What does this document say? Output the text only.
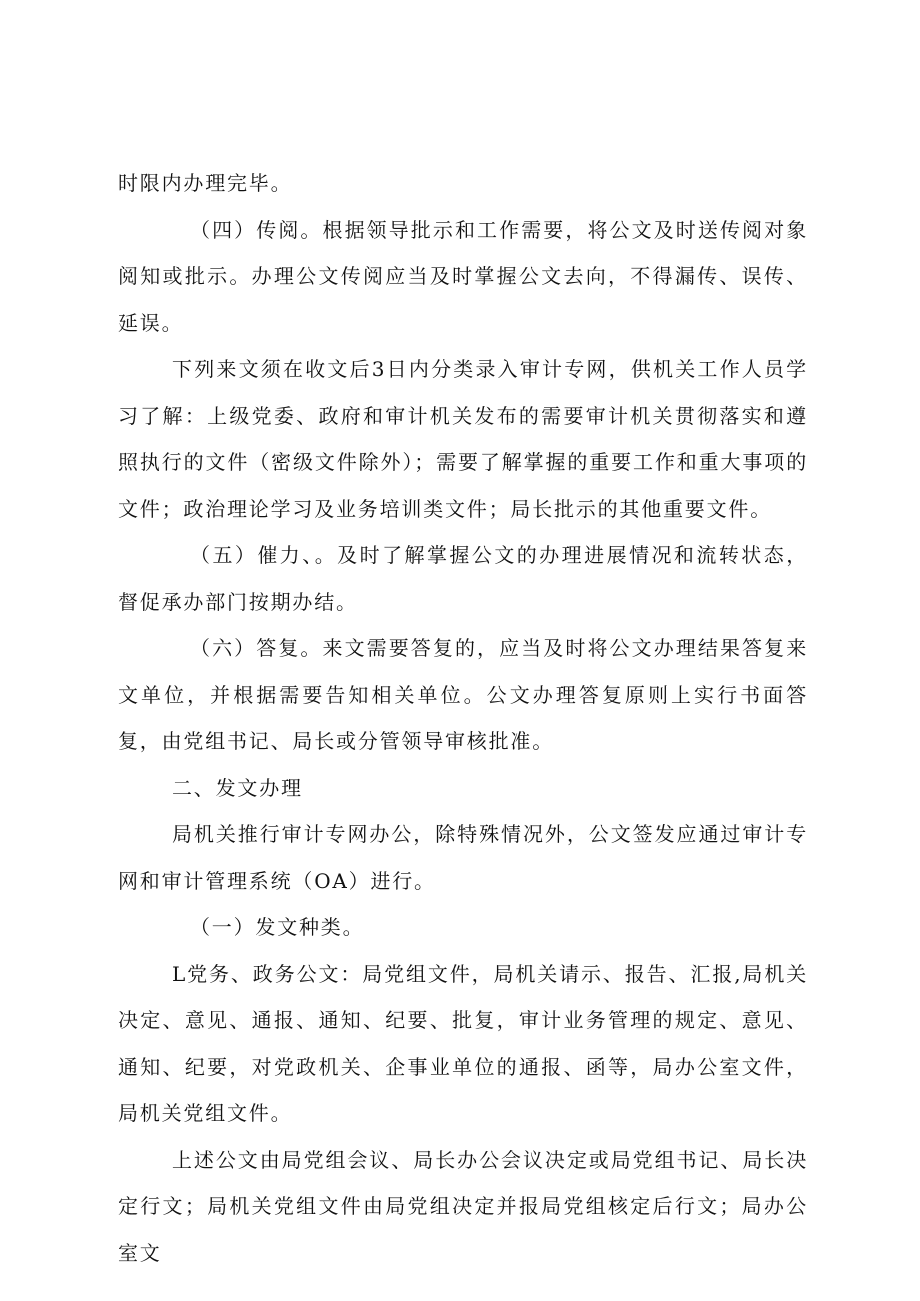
时限内办理完毕。

（四）传阅。根据领导批示和工作需要，将公文及时送传阅对象阅知或批示。办理公文传阅应当及时掌握公文去向，不得漏传、误传、延误。

下列来文须在收文后3日内分类录入审计专网，供机关工作人员学习了解：上级党委、政府和审计机关发布的需要审计机关贯彻落实和遵照执行的文件（密级文件除外）；需要了解掌握的重要工作和重大事项的文件；政治理论学习及业务培训类文件；局长批示的其他重要文件。

（五）催力、。及时了解掌握公文的办理进展情况和流转状态，督促承办部门按期办结。

（六）答复。来文需要答复的，应当及时将公文办理结果答复来文单位，并根据需要告知相关单位。公文办理答复原则上实行书面答复，由党组书记、局长或分管领导审核批准。

二、发文办理

局机关推行审计专网办公，除特殊情况外，公文签发应通过审计专网和审计管理系统（OA）进行。

（一）发文种类。

L党务、政务公文：局党组文件，局机关请示、报告、汇报,局机关决定、意见、通报、通知、纪要、批复，审计业务管理的规定、意见、通知、纪要，对党政机关、企事业单位的通报、函等，局办公室文件，局机关党组文件。

上述公文由局党组会议、局长办公会议决定或局党组书记、局长决定行文；局机关党组文件由局党组决定并报局党组核定后行文；局办公室文
